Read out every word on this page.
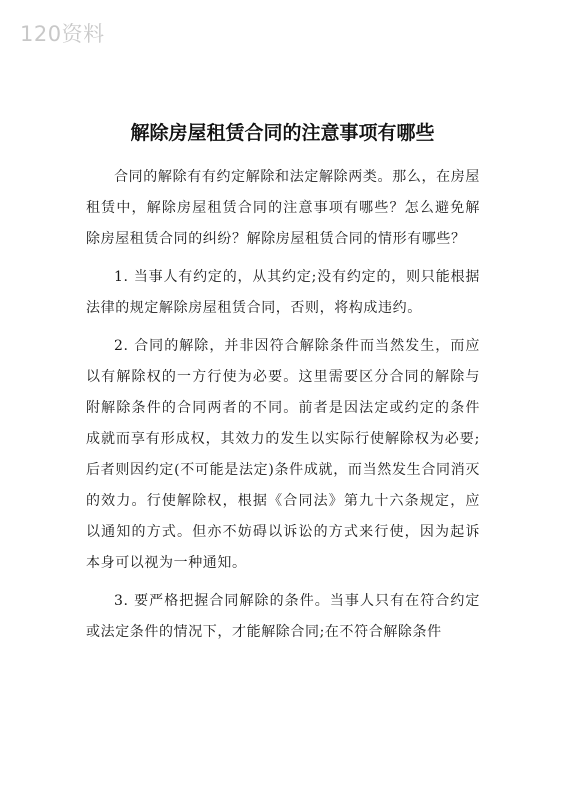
120资料
解除房屋租赁合同的注意事项有哪些

合同的解除有有约定解除和法定解除两类。那么，在房屋租赁中，解除房屋租赁合同的注意事项有哪些？怎么避免解除房屋租赁合同的纠纷？解除房屋租赁合同的情形有哪些？

1. 当事人有约定的，从其约定;没有约定的，则只能根据法律的规定解除房屋租赁合同，否则，将构成违约。

2. 合同的解除，并非因符合解除条件而当然发生，而应以有解除权的一方行使为必要。这里需要区分合同的解除与附解除条件的合同两者的不同。前者是因法定或约定的条件成就而享有形成权，其效力的发生以实际行使解除权为必要;后者则因约定(不可能是法定)条件成就，而当然发生合同消灭的效力。行使解除权，根据《合同法》第九十六条规定，应以通知的方式。但亦不妨碍以诉讼的方式来行使，因为起诉本身可以视为一种通知。

3. 要严格把握合同解除的条件。当事人只有在符合约定或法定条件的情况下，才能解除合同;在不符合解除条件
